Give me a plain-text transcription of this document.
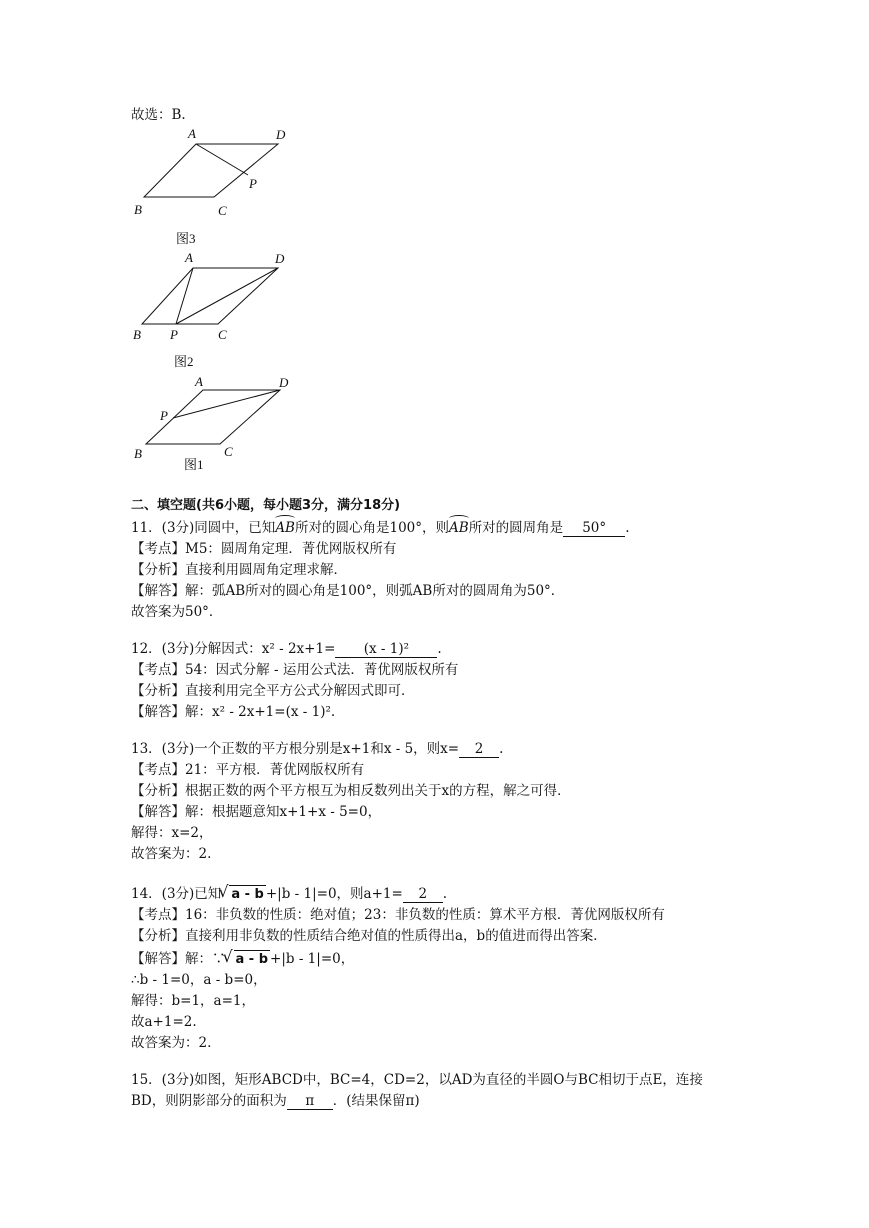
故选：B.
A	D
B	C
P
图3
A	D
B P	C
图2
A	D
P
B	C
图1
二、填空题(共6小题，每小题3分，满分18分)
11．(3分)同圆中，已知AB所对的圆心角是100°，则AB所对的圆周角是 50° .
【考点】M5：圆周角定理．菁优网版权所有
【分析】直接利用圆周角定理求解．
【解答】解：弧AB所对的圆心角是100°，则弧AB所对的圆周角为50°．
故答案为50°．
12．(3分)分解因式：x² - 2x+1= (x - 1)² .
【考点】54：因式分解 - 运用公式法．菁优网版权所有
【分析】直接利用完全平方公式分解因式即可．
【解答】解：x² - 2x+1=(x - 1)².
13．(3分)一个正数的平方根分别是x+1和x - 5，则x= 2 .
【考点】21：平方根．菁优网版权所有
【分析】根据正数的两个平方根互为相反数列出关于x的方程，解之可得．
【解答】解：根据题意知x+1+x - 5=0，
解得：x=2，
故答案为：2.
14．(3分)已知 √ a - b +|b - 1|=0，则a+1= 2 .
【考点】16：非负数的性质：绝对值；23：非负数的性质：算术平方根．菁优网版权所有
【分析】直接利用非负数的性质结合绝对值的性质得出a，b的值进而得出答案．
【解答】解：∵ √ a - b +|b - 1|=0，
∴b - 1=0，a - b=0，
解得：b=1，a=1，
故a+1=2.
故答案为：2.
15．(3分)如图，矩形ABCD中，BC=4，CD=2，以AD为直径的半圆O与BC相切于点E，连接
BD，则阴影部分的面积为 π ．(结果保留π)
